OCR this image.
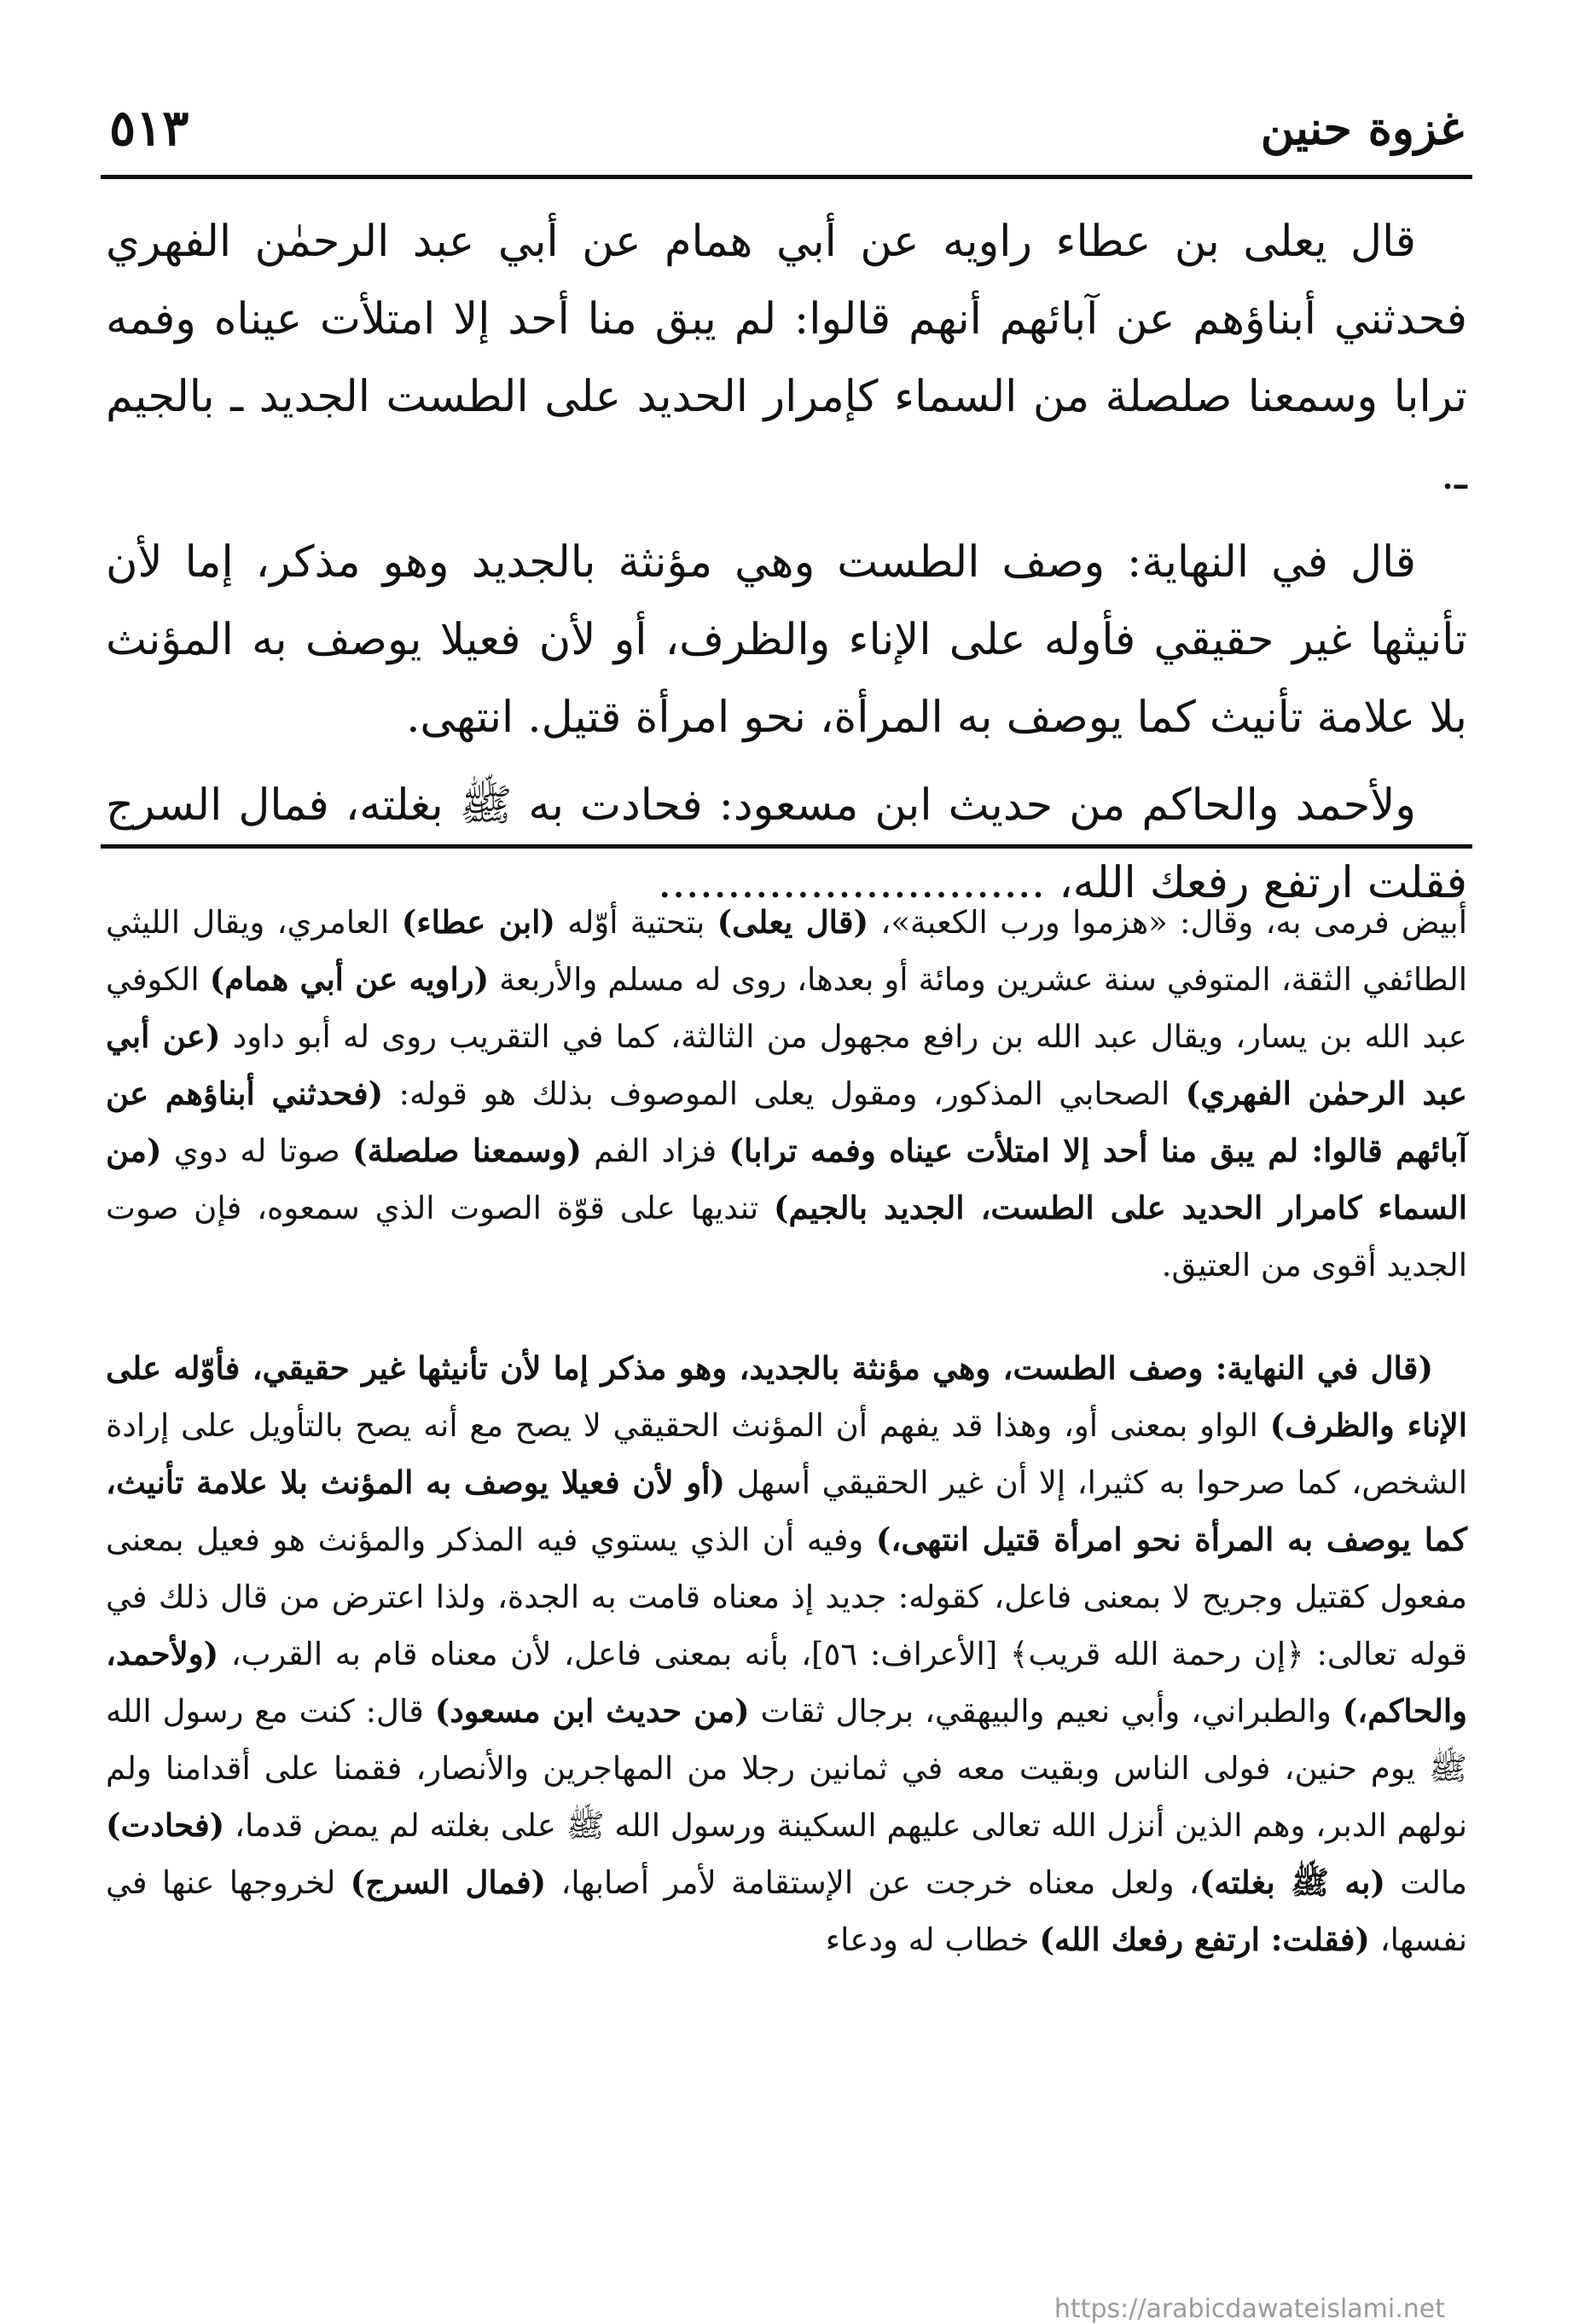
غزوة حنين
٥١٣

قال يعلى بن عطاء راويه عن أبي همام عن أبي عبد الرحمٰن الفهري فحدثني أبناؤهم عن آبائهم أنهم قالوا: لم يبق منا أحد إلا امتلأت عيناه وفمه ترابا وسمعنا صلصلة من السماء كإمرار الحديد على الطست الجديد ـ بالجيم ـ.

قال في النهاية: وصف الطست وهي مؤنثة بالجديد وهو مذكر، إما لأن تأنيثها غير حقيقي فأوله على الإناء والظرف، أو لأن فعيلا يوصف به المؤنث بلا علامة تأنيث كما يوصف به المرأة، نحو امرأة قتيل. انتهى.

ولأحمد والحاكم من حديث ابن مسعود: فحادت به ﷺ بغلته، فمال السرج فقلت ارتفع رفعك الله، ............................

أبيض فرمى به، وقال: «هزموا ورب الكعبة»، (قال يعلى) بتحتية أوّله (ابن عطاء) العامري، ويقال الليثي الطائفي الثقة، المتوفي سنة عشرين ومائة أو بعدها، روى له مسلم والأربعة (راويه عن أبي همام) الكوفي عبد الله بن يسار، ويقال عبد الله بن رافع مجهول من الثالثة، كما في التقريب روى له أبو داود (عن أبي عبد الرحمٰن الفهري) الصحابي المذكور، ومقول يعلى الموصوف بذلك هو قوله: (فحدثني أبناؤهم عن آبائهم قالوا: لم يبق منا أحد إلا امتلأت عيناه وفمه ترابا) فزاد الفم (وسمعنا صلصلة) صوتا له دوي (من السماء كامرار الحديد على الطست، الجديد بالجيم) تنديها على قوّة الصوت الذي سمعوه، فإن صوت الجديد أقوى من العتيق.

(قال في النهاية: وصف الطست، وهي مؤنثة بالجديد، وهو مذكر إما لأن تأنيثها غير حقيقي، فأوّله على الإناء والظرف) الواو بمعنى أو، وهذا قد يفهم أن المؤنث الحقيقي لا يصح مع أنه يصح بالتأويل على إرادة الشخص، كما صرحوا به كثيرا، إلا أن غير الحقيقي أسهل (أو لأن فعيلا يوصف به المؤنث بلا علامة تأنيث، كما يوصف به المرأة نحو امرأة قتيل انتهى،) وفيه أن الذي يستوي فيه المذكر والمؤنث هو فعيل بمعنى مفعول كقتيل وجريح لا بمعنى فاعل، كقوله: جديد إذ معناه قامت به الجدة، ولذا اعترض من قال ذلك في قوله تعالى: ﴿إن رحمة الله قريب﴾ [الأعراف: ٥٦]، بأنه بمعنى فاعل، لأن معناه قام به القرب، (ولأحمد، والحاكم،) والطبراني، وأبي نعيم والبيهقي، برجال ثقات (من حديث ابن مسعود) قال: كنت مع رسول الله ﷺ يوم حنين، فولى الناس وبقيت معه في ثمانين رجلا من المهاجرين والأنصار، فقمنا على أقدامنا ولم نولهم الدبر، وهم الذين أنزل الله تعالى عليهم السكينة ورسول الله ﷺ على بغلته لم يمض قدما، (فحادت) مالت (به ﷺ بغلته)، ولعل معناه خرجت عن الإستقامة لأمر أصابها، (فمال السرج) لخروجها عنها في نفسها، (فقلت: ارتفع رفعك الله) خطاب له ودعاء

https://arabicdawateislami.net
